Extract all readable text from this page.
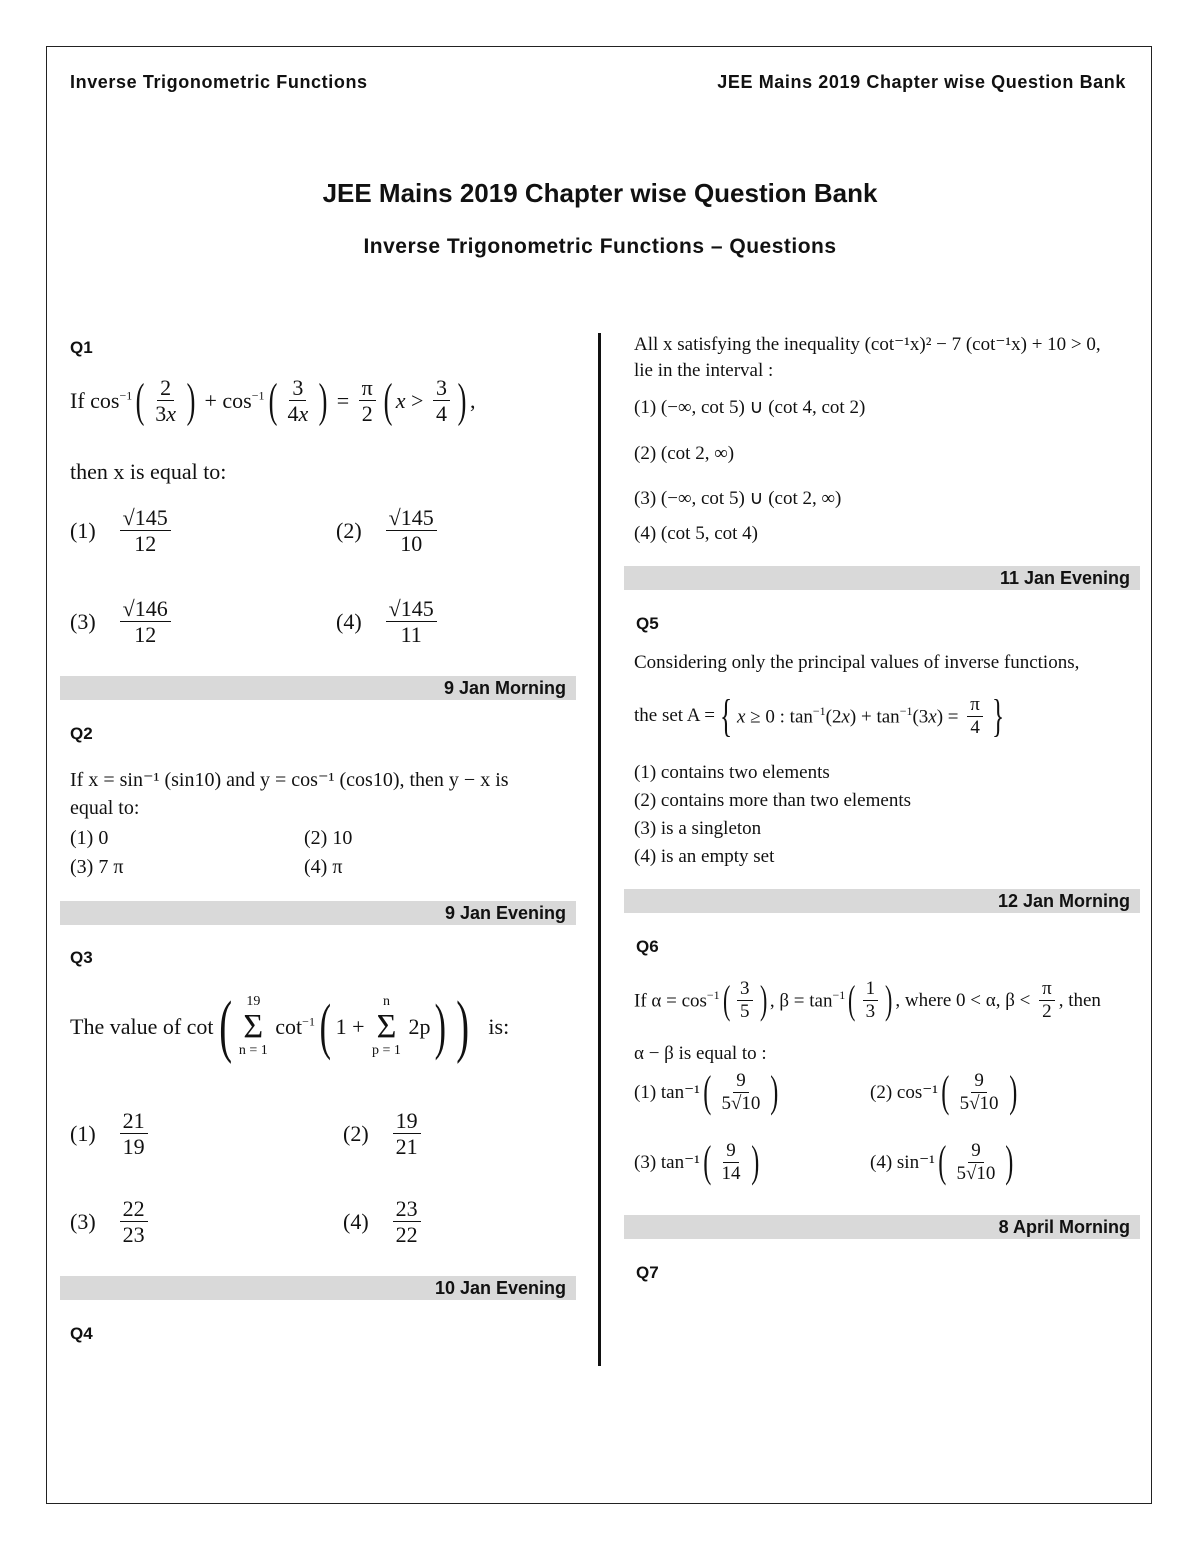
Inverse Trigonometric Functions	JEE Mains 2019 Chapter wise Question Bank
JEE Mains 2019 Chapter wise Question Bank
Inverse Trigonometric Functions – Questions
Q1
If $\cos^{-1}$ ( $\frac{2}{3x}$ ) + $\cos^{-1}$ ( $\frac{3}{4x}$ ) = $\frac{\pi}{2}$ ( $x > \frac{3}{4}$ ) ,
then x is equal to:
$(1) \frac{√145}{12}$	$(2) \frac{√145}{10}$
$(3) \frac{√146}{12}$	$(4) \frac{√145}{11}$
9 Jan Morning
Q2
If x = sin⁻¹ (sin10) and y = cos⁻¹ (cos10), then y − x is
equal to:
(1) 0	(2) 10
(3) 7 π	(4) π
9 Jan Evening
Q3
The value of cot ( 19
Σ
n = 1
$\cot^{-1}$ ( 1 +
n
Σ
p = 1
2p ) ) is:
$(1) \frac{21}{19}$	$(2) \frac{19}{21}$
$(3) \frac{22}{23}$	$(4) \frac{23}{22}$
10 Jan Evening
Q4
All x satisfying the inequality (cot⁻¹x)² − 7 (cot⁻¹x) + 10 > 0,
lie in the interval :
(1) (−∞, cot 5) ∪ (cot 4, cot 2)
(2) (cot 2, ∞)
(3) (−∞, cot 5) ∪ (cot 2, ∞)
(4) (cot 5, cot 4)
11 Jan Evening
Q5
Considering only the principal values of inverse functions,
the set A = { x ≥ 0 : $\tan^{-1}(2x) + \tan^{-1}(3x) = \frac{\pi}{4}$ }
(1) contains two elements
(2) contains more than two elements
(3) is a singleton
(4) is an empty set
12 Jan Morning
Q6
If $\alpha = \cos^{-1}$ ( $\frac{3}{5}$ ) , $\beta = \tan^{-1}$ ( $\frac{1}{3}$ ) , where 0 < α, $\beta < \frac{\pi}{2}$ , then
α − β is equal to :
(1) tan⁻¹ ( $\frac{9}{5√10}$ )	(2) cos⁻¹ ( $\frac{9}{5√10}$ )
(3) tan⁻¹ ( $\frac{9}{14}$ )	(4) sin⁻¹ ( $\frac{9}{5√10}$ )
8 April Morning
Q7
